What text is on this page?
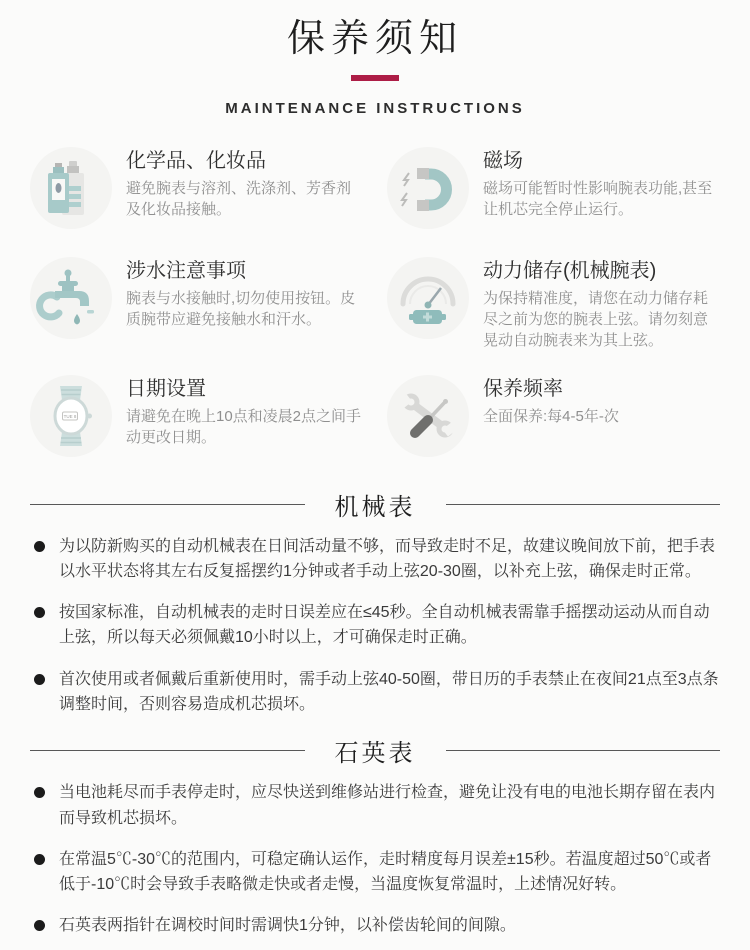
保养须知
MAINTENANCE INSTRUCTIONS
化学品、化妆品
避免腕表与溶剂、洗涤剂、芳香剂及化妆品接触。
磁场
磁场可能暂时性影响腕表功能,甚至让机芯完全停止运行。
涉水注意事项
腕表与水接触时,切勿使用按钮。皮质腕带应避免接触水和汗水。
动力储存(机械腕表)
为保持精准度，请您在动力储存耗尽之前为您的腕表上弦。请勿刻意晃动自动腕表来为其上弦。
TUE 8
日期设置
请避免在晚上10点和凌晨2点之间手动更改日期。
保养频率
全面保养:每4-5年-次
机械表

为以防新购买的自动机械表在日间活动量不够，而导致走时不足，故建议晚间放下前，把手表以水平状态将其左右反复摇摆约1分钟或者手动上弦20-30圈，以补充上弦，确保走时正常。

按国家标准，自动机械表的走时日误差应在≤45秒。全自动机械表需靠手摇摆动运动从而自动上弦，所以每天必须佩戴10小时以上，才可确保走时正确。

首次使用或者佩戴后重新使用时，需手动上弦40-50圈，带日历的手表禁止在夜间21点至3点条调整时间，否则容易造成机芯损坏。

石英表

当电池耗尽而手表停走时，应尽快送到维修站进行检查，避免让没有电的电池长期存留在表内而导致机芯损坏。

在常温5℃-30℃的范围内，可稳定确认运作，走时精度每月误差±15秒。若温度超过50℃或者低于-10℃时会导致手表略微走快或者走慢，当温度恢复常温时，上述情况好转。

石英表两指针在调校时间时需调快1分钟，以补偿齿轮间的间隙。
